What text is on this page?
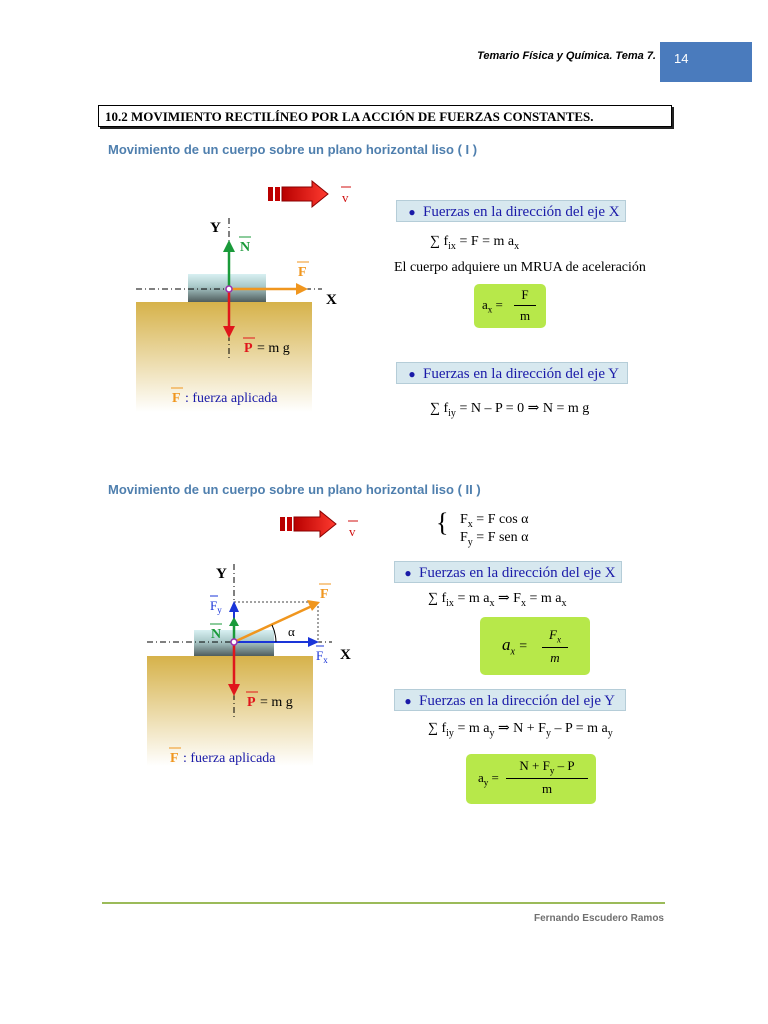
Temario Física y Química. Tema 7. 14
10.2 MOVIMIENTO RECTILÍNEO POR LA ACCIÓN DE FUERZAS CONSTANTES.
Movimiento de un cuerpo sobre un plano horizontal liso ( I )
v
X
Y
N
F
P = m g
F : fuerza aplicada
● Fuerzas en la dirección del eje X
∑ $f_{ix} = F = m$ $a_x$
El cuerpo adquiere un MRUA de aceleración
$a_x$ =
F
m
● Fuerzas en la dirección del eje Y
∑ $f_{iy} = N - P = 0$ ⇒ N = m g
Movimiento de un cuerpo sobre un plano horizontal liso ( II )
v
X
Y
$F_y$
N
$F_x$
F
α
P = m g
F : fuerza aplicada
{ $F_x = F$ cos α
$F_y = F$ sen α
● Fuerzas en la dirección del eje X
∑ $f_{ix} = m$ $a_x$ ⇒ $F_x = m$ $a_x$
$a_x$ =
$F_x$
m
● Fuerzas en la dirección del eje Y
∑ $f_{iy} = m$ $a_y$ ⇒ $N + F_y - P = m$ $a_y$
$a_y$ =
$N + F_y - P$
m
Fernando Escudero Ramos
